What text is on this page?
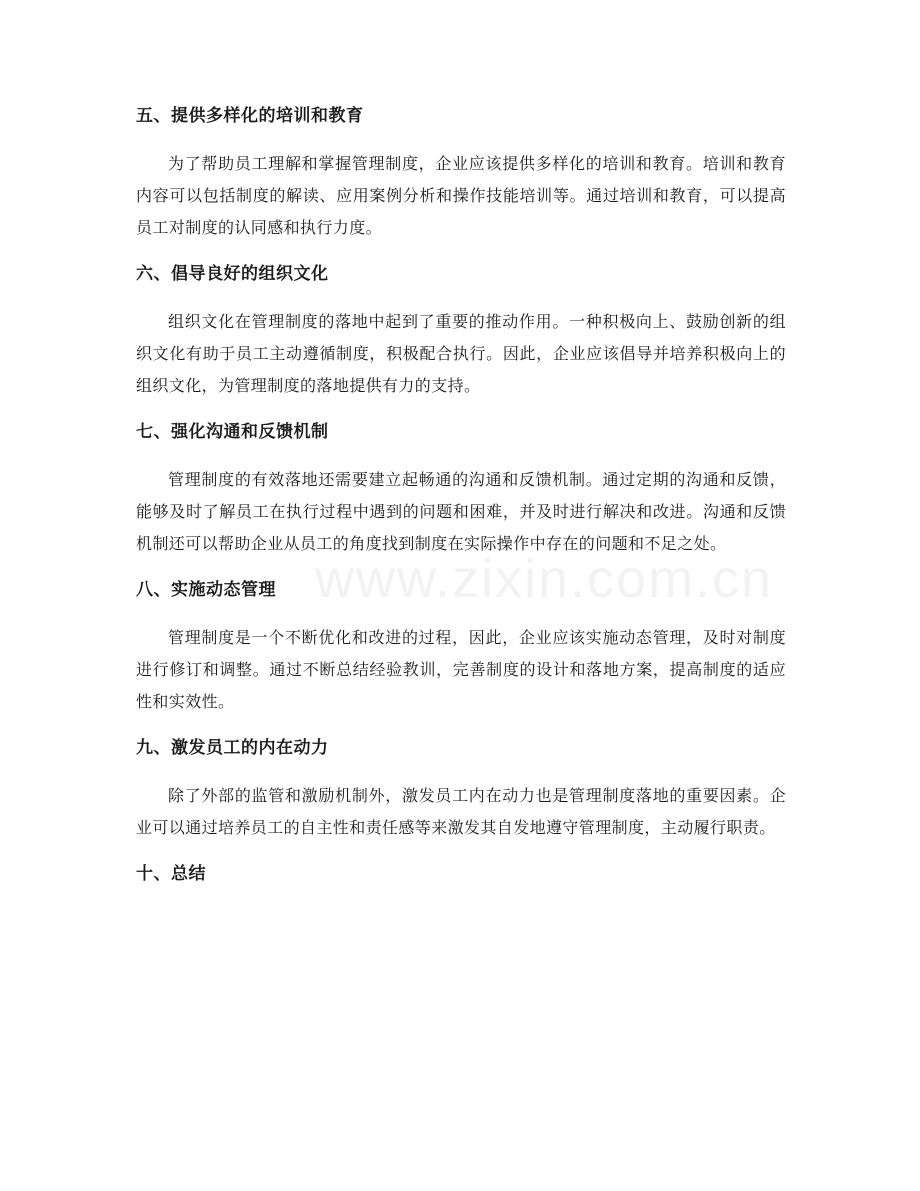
www.zixin.com.cn
五、提供多样化的培训和教育

为了帮助员工理解和掌握管理制度，企业应该提供多样化的培训和教育。培训和教育内容可以包括制度的解读、应用案例分析和操作技能培训等。通过培训和教育，可以提高员工对制度的认同感和执行力度。

六、倡导良好的组织文化

组织文化在管理制度的落地中起到了重要的推动作用。一种积极向上、鼓励创新的组织文化有助于员工主动遵循制度，积极配合执行。因此，企业应该倡导并培养积极向上的组织文化，为管理制度的落地提供有力的支持。

七、强化沟通和反馈机制

管理制度的有效落地还需要建立起畅通的沟通和反馈机制。通过定期的沟通和反馈，能够及时了解员工在执行过程中遇到的问题和困难，并及时进行解决和改进。沟通和反馈机制还可以帮助企业从员工的角度找到制度在实际操作中存在的问题和不足之处。

八、实施动态管理

管理制度是一个不断优化和改进的过程，因此，企业应该实施动态管理，及时对制度进行修订和调整。通过不断总结经验教训，完善制度的设计和落地方案，提高制度的适应性和实效性。

九、激发员工的内在动力

除了外部的监管和激励机制外，激发员工内在动力也是管理制度落地的重要因素。企业可以通过培养员工的自主性和责任感等来激发其自发地遵守管理制度，主动履行职责。

十、总结
